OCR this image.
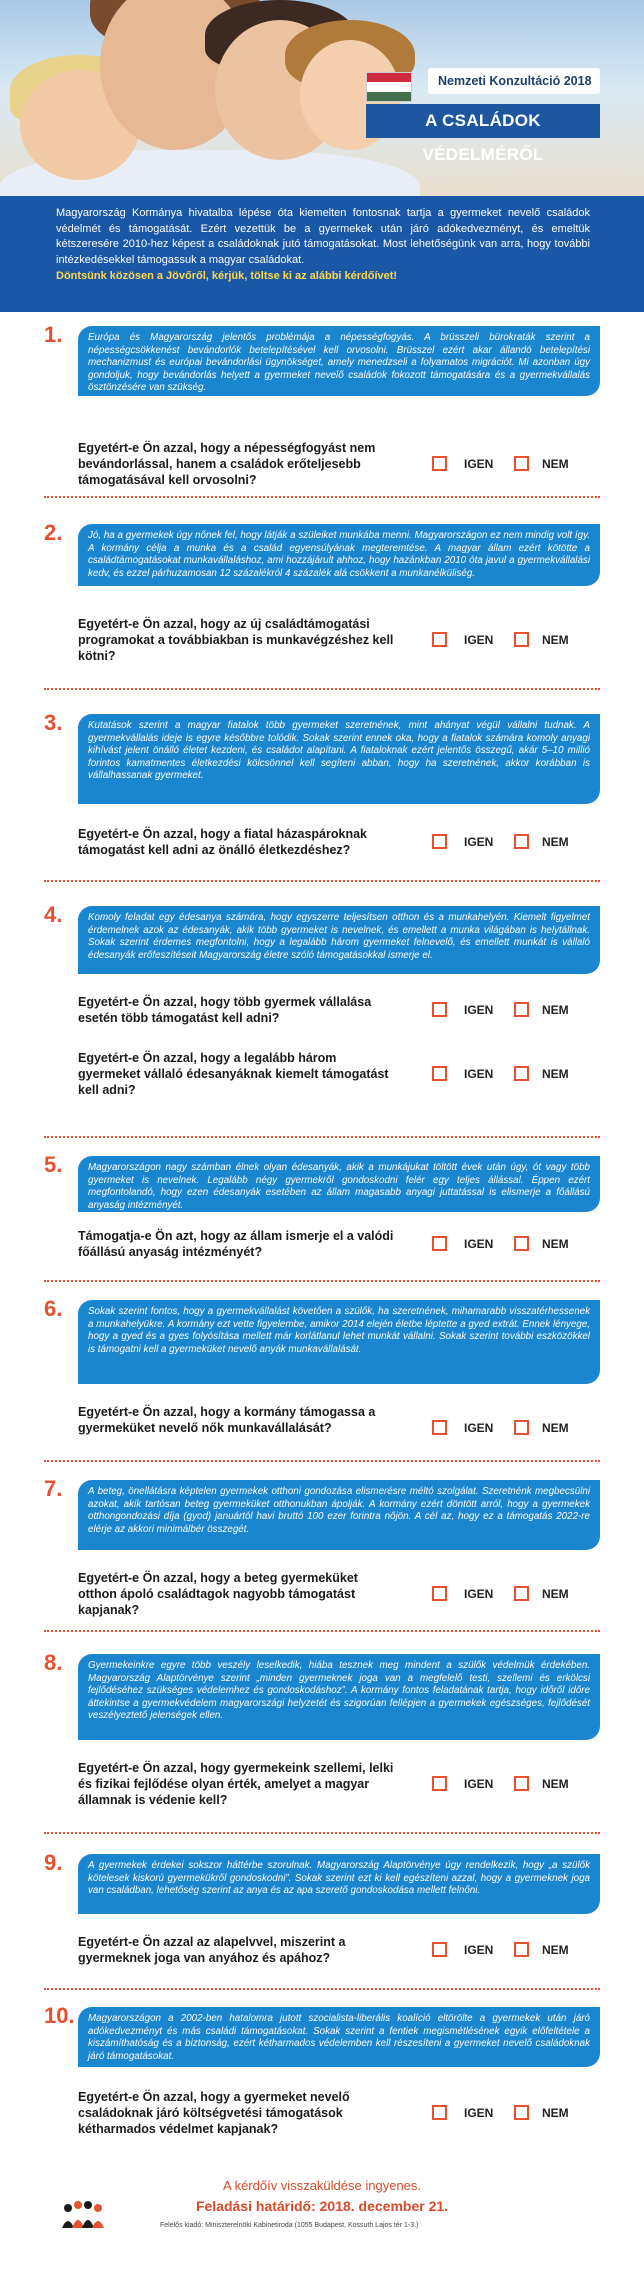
Nemzeti Konzultáció 2018
A CSALÁDOK VÉDELMÉRŐL
Magyarország Kormánya hivatalba lépése óta kiemelten fontosnak tartja a gyermeket nevelő családok védelmét és támogatását. Ezért vezettük be a gyermekek után járó adókedvezményt, és emeltük kétszeresére 2010-hez képest a családoknak jutó támogatásokat. Most lehetőségünk van arra, hogy további intézkedésekkel támogassuk a magyar családokat.
Döntsünk közösen a Jövőről, kérjük, töltse ki az alábbi kérdőívet!
1.	Európa és Magyarország jelentős problémája a népességfogyás. A brüsszeli bürokraták szerint a népességcsökkenést bevándorlók betelepítésével kell orvosolni. Brüsszel ezért akar állandó betelepítési mechanizmust és európai bevándorlási ügynökséget, amely menedzseli a folyamatos migrációt. Mi azonban úgy gondoljuk, hogy bevándorlás helyett a gyermeket nevelő családok fokozott támogatására és a gyermekvállalás ösztönzésére van szükség.
Egyetért-e Ön azzal, hogy a népességfogyást nem bevándorlással, hanem a családok erőteljesebb támogatásával kell orvosolni?
IGEN	NEM
2.	Jó, ha a gyermekek úgy nőnek fel, hogy látják a szüleiket munkába menni. Magyarországon ez nem mindig volt így. A kormány célja a munka és a család egyensúlyának megteremtése. A magyar állam ezért kötötte a családtámogatásokat munkavállaláshoz, ami hozzájárult ahhoz, hogy hazánkban 2010 óta javul a gyermekvállalási kedv, és ezzel párhuzamosan 12 százalékról 4 százalék alá csökkent a munkanélküliség.
Egyetért-e Ön azzal, hogy az új családtámogatási programokat a továbbiakban is munkavégzéshez kell kötni?
IGEN	NEM
3.	Kutatások szerint a magyar fiatalok több gyermeket szeretnének, mint ahányat végül vállalni tudnak. A gyermekvállalás ideje is egyre későbbre tolódik. Sokak szerint ennek oka, hogy a fiatalok számára komoly anyagi kihívást jelent önálló életet kezdeni, és családot alapítani. A fiataloknak ezért jelentős összegű, akár 5–10 millió forintos kamatmentes életkezdési kölcsönnel kell segíteni abban, hogy ha szeretnének, akkor korábban is vállalhassanak gyermeket.
Egyetért-e Ön azzal, hogy a fiatal házaspároknak támogatást kell adni az önálló életkezdéshez?
IGEN	NEM
4.	Komoly feladat egy édesanya számára, hogy egyszerre teljesítsen otthon és a munkahelyén. Kiemelt figyelmet érdemelnek azok az édesanyák, akik több gyermeket is nevelnek, és emellett a munka világában is helytállnak. Sokak szerint érdemes megfontolni, hogy a legalább három gyermeket felnevelő, és emellett munkát is vállaló édesanyák erőfeszítéseit Magyarország életre szóló támogatásokkal ismerje el.
Egyetért-e Ön azzal, hogy több gyermek vállalása esetén több támogatást kell adni?
IGEN	NEM
Egyetért-e Ön azzal, hogy a legalább három gyermeket vállaló édesanyáknak kiemelt támogatást kell adni?
IGEN	NEM
5.	Magyarországon nagy számban élnek olyan édesanyák, akik a munkájukat töltött évek után úgy, ót vagy több gyermeket is nevelnek. Legalább négy gyermekről gondoskodni felér egy teljes állással. Éppen ezért megfontolandó, hogy ezen édesanyák esetében az állam magasabb anyagi juttatással is elismerje a főállású anyaság intézményét.
Támogatja-e Ön azt, hogy az állam ismerje el a valódi főállású anyaság intézményét?
IGEN	NEM
6.	Sokak szerint fontos, hogy a gyermekvállalást követően a szülők, ha szeretnének, mihamarabb visszatérhessenek a munkahelyükre. A kormány ezt vette figyelembe, amikor 2014 elején életbe léptette a gyed extrát. Ennek lényege, hogy a gyed és a gyes folyósítása mellett már korlátlanul lehet munkát vállalni. Sokak szerint további eszközökkel is támogatni kell a gyermeküket nevelő anyák munkavállalását.
Egyetért-e Ön azzal, hogy a kormány támogassa a gyermeküket nevelő nők munkavállalását?	IGEN	NEM
7.	A beteg, önellátásra képtelen gyermekek otthoni gondozása elismerésre méltó szolgálat. Szeretnénk megbecsülni azokat, akik tartósan beteg gyermeküket otthonukban ápolják. A kormány ezért döntött arról, hogy a gyermekek otthongondozási díja (gyod) januártól havi bruttó 100 ezer forintra nőjön. A cél az, hogy ez a támogatás 2022-re elérje az akkori minimálbér összegét.
Egyetért-e Ön azzal, hogy a beteg gyermeküket otthon ápoló családtagok nagyobb támogatást kapjanak?
IGEN	NEM
8.	Gyermekeinkre egyre több veszély leselkedik, hiába tesznek meg mindent a szülők védelmük érdekében. Magyarország Alaptörvénye szerint „minden gyermeknek joga van a megfelelő testi, szellemi és erkölcsi fejlődéséhez szükséges védelemhez és gondoskodáshoz”. A kormány fontos feladatának tartja, hogy időről időre áttekintse a gyermekvédelem magyarországi helyzetét és szigorúan fellépjen a gyermekek egészséges, fejlődését veszélyeztető jelenségek ellen.
Egyetért-e Ön azzal, hogy gyermekeink szellemi, lelki és fizikai fejlődése olyan érték, amelyet a magyar államnak is védenie kell?
IGEN	NEM
9.	A gyermekek érdekei sokszor háttérbe szorulnak. Magyarország Alaptörvénye úgy rendelkezik, hogy „a szülők kötelesek kiskorú gyermekükről gondoskodni”. Sokak szerint ezt ki kell egészíteni azzal, hogy a gyermeknek joga van családban, lehetőség szerint az anya és az apa szerető gondoskodása mellett felnőni.
Egyetért-e Ön azzal az alapelvvel, miszerint a gyermeknek joga van anyához és apához?
IGEN	NEM
10.	Magyarországon a 2002-ben hatalomra jutott szocialista-liberális koalíció eltörölte a gyermekek után járó adókedvezményt és más családi támogatásokat. Sokak szerint a fentiek megismétlésének egyik előfeltétele a kiszámíthatóság és a biztonság, ezért kétharmados védelemben kell részesíteni a gyermeket nevelő családoknak járó támogatásokat.
Egyetért-e Ön azzal, hogy a gyermeket nevelő családoknak járó költségvetési támogatások kétharmados védelmet kapjanak?
IGEN	NEM
A kérdőív visszaküldése ingyenes.
Feladási határidő: 2018. december 21.
Felelős kiadó: Miniszterelnöki Kabinetiroda (1055 Budapest, Kossuth Lajos tér 1-3.)
